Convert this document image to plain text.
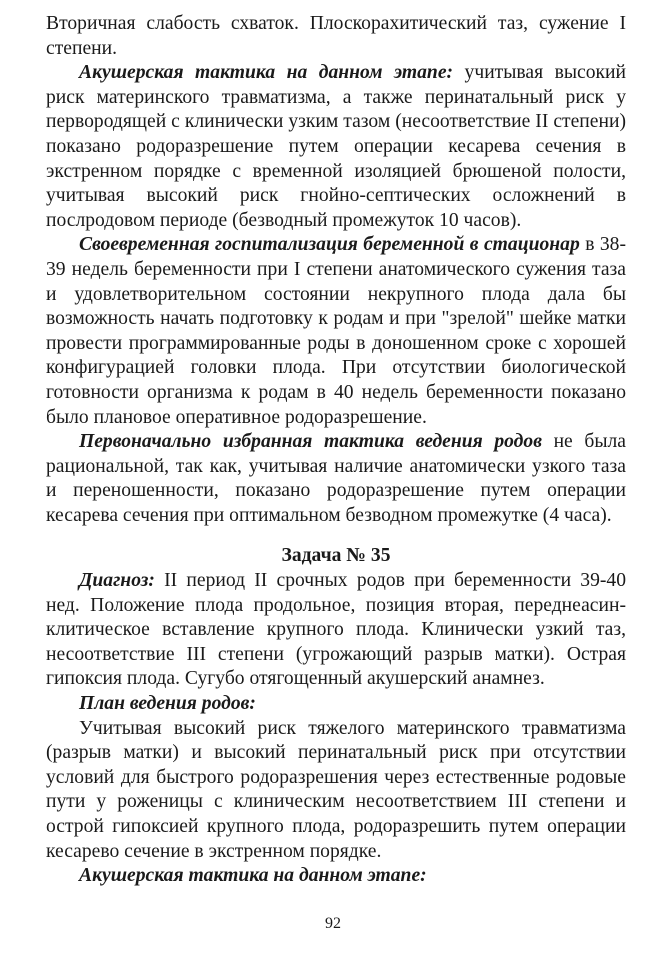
Вторичная слабость схваток. Плоскорахитический таз, сужение I степени.

Акушерская тактика на данном этапе: учитывая высокий риск материнского травматизма, а также перинатальный риск у первородящей с клинически узким тазом (несоответствие II степени) показано родоразрешение путем операции кесарева сечения в экстренном порядке с временной изоляцией брюшеной полости, учитывая высокий риск гнойно-септических осложнений в послродовом периоде (безводный промежуток 10 часов).

Своевременная госпитализация беременной в стационар в 38-39 недель беременности при I степени анатомического сужения таза и удовлетворительном состоянии некрупного плода дала бы возможность начать подготовку к родам и при "зрелой" шейке матки провести программированные роды в доношенном сроке с хорошей конфигурацией головки плода. При отсутствии биологической готовности организма к родам в 40 недель беременности показано было плановое оперативное родоразрешение.

Первоначально избранная тактика ведения родов не была рациональной, так как, учитывая наличие анатомически узкого таза и переношенности, показано родоразрешение путем операции кесарева сечения при оптимальном безводном промежутке (4 часа).

Задача № 35

Диагноз: II период II срочных родов при беременности 39-40 нед. Положение плода продольное, позиция вторая, переднеасинклитическое вставление крупного плода. Клинически узкий таз, несоответствие III степени (угрожающий разрыв матки). Острая гипоксия плода. Сугубо отягощенный акушерский анамнез.

План ведения родов:

Учитывая высокий риск тяжелого материнского травматизма (разрыв матки) и высокий перинатальный риск при отсутствии условий для быстрого родоразрешения через естественные родовые пути у роженицы с клиническим несоответствием III степени и острой гипоксией крупного плода, родоразрешить путем операции кесарево сечение в экстренном порядке.

Акушерская тактика на данном этапе:

92
